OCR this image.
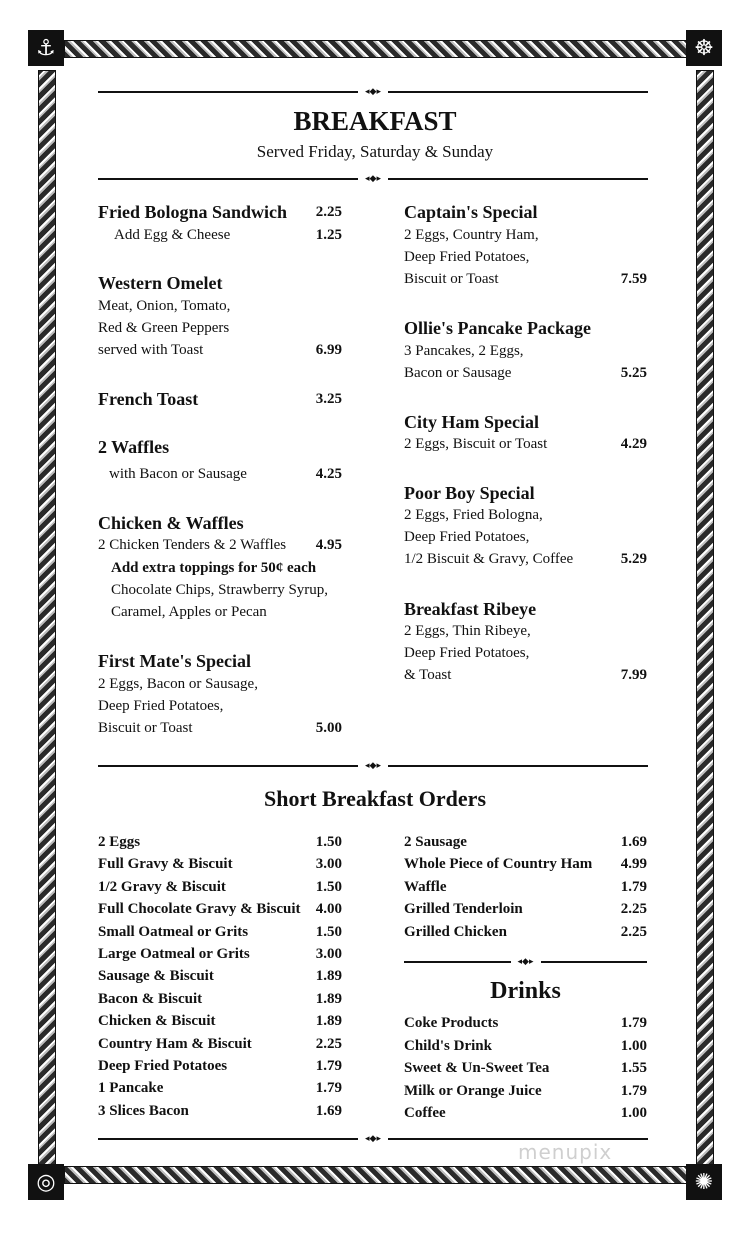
⚓	☸
◎	✺
◂◆▸
BREAKFAST
Served Friday, Saturday & Sunday
◂◆▸
Fried Bologna Sandwich 2.25
Add Egg & Cheese	1.25
Western Omelet
Meat, Onion, Tomato,
Red & Green Peppers
served with Toast	6.99
French Toast	3.25
2 Waffles
with Bacon or Sausage	4.25
Chicken & Waffles
2 Chicken Tenders & 2 Waffles 4.95
Add extra toppings for 50¢ each
Chocolate Chips, Strawberry Syrup,
Caramel, Apples or Pecan
First Mate's Special
2 Eggs, Bacon or Sausage,
Deep Fried Potatoes,
Biscuit or Toast	5.00
Captain's Special
2 Eggs, Country Ham,
Deep Fried Potatoes,
Biscuit or Toast	7.59
Ollie's Pancake Package
3 Pancakes, 2 Eggs,
Bacon or Sausage	5.25
City Ham Special
2 Eggs, Biscuit or Toast	4.29
Poor Boy Special
2 Eggs, Fried Bologna,
Deep Fried Potatoes,
1/2 Biscuit & Gravy, Coffee	5.29
Breakfast Ribeye
2 Eggs, Thin Ribeye,
Deep Fried Potatoes,
& Toast	7.99
◂◆▸
Short Breakfast Orders
2 Eggs	1.50
Full Gravy & Biscuit	3.00
1/2 Gravy & Biscuit	1.50
Full Chocolate Gravy & Biscuit 4.00
Small Oatmeal or Grits	1.50
Large Oatmeal or Grits	3.00
Sausage & Biscuit	1.89
Bacon & Biscuit	1.89
Chicken & Biscuit	1.89
Country Ham & Biscuit	2.25
Deep Fried Potatoes	1.79
1 Pancake	1.79
3 Slices Bacon	1.69
2 Sausage	1.69
Whole Piece of Country Ham 4.99
Waffle	1.79
Grilled Tenderloin	2.25
Grilled Chicken	2.25
◂◆▸
Drinks
Coke Products	1.79
Child's Drink	1.00
Sweet & Un-Sweet Tea	1.55
Milk or Orange Juice	1.79
Coffee	1.00
◂◆▸
menupix
